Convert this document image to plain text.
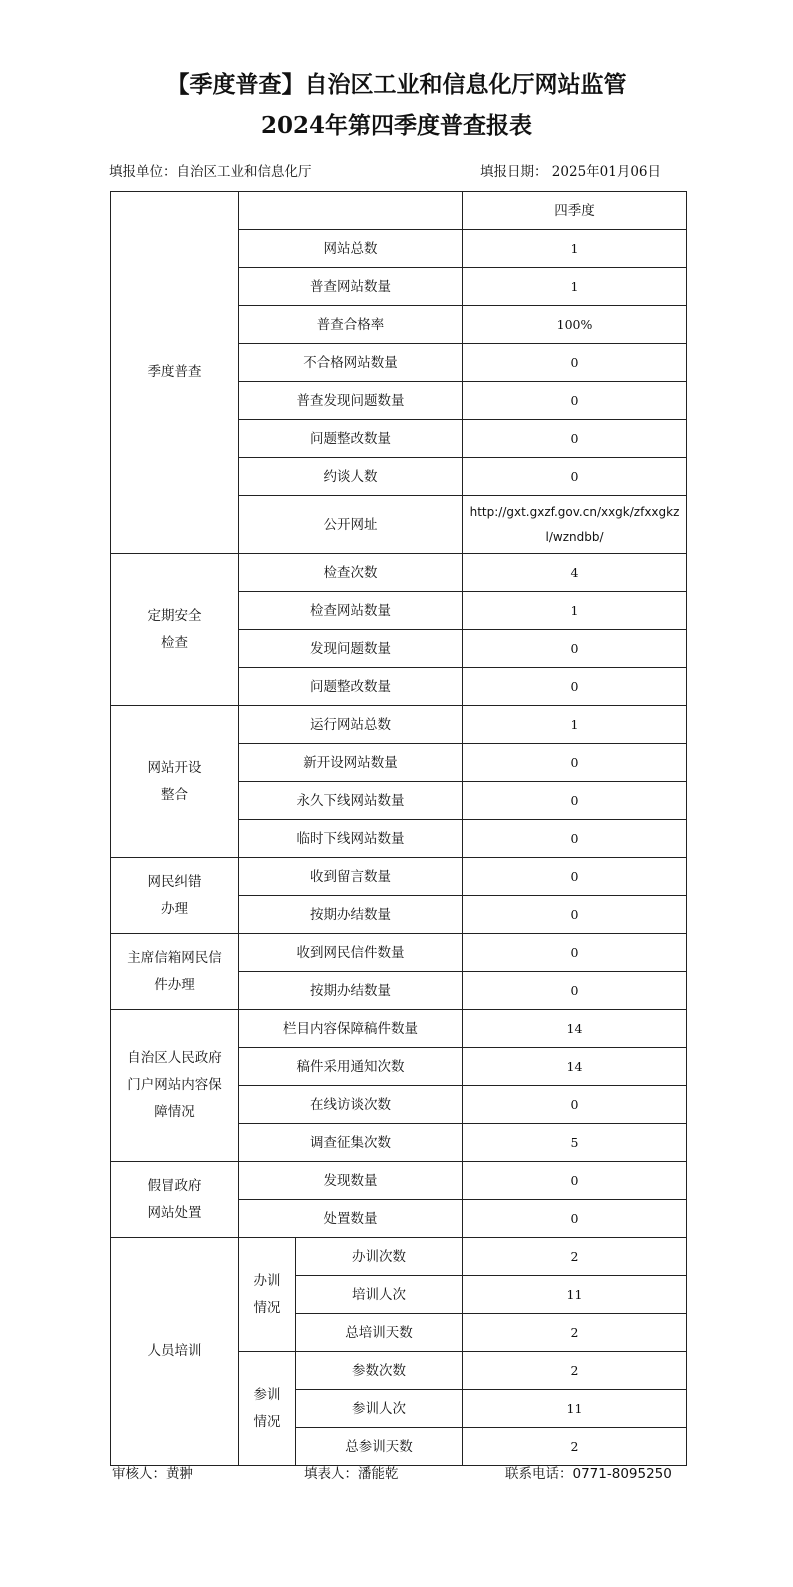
【季度普查】自治区工业和信息化厅网站监管
2024年第四季度普查报表
填报单位：自治区工业和信息化厅	填报日期： 2025年01月06日
季度普查			四季度
	网站总数		1
	普查网站数量		1
	普查合格率		100%
	不合格网站数量		0
	普查发现问题数量		0
	问题整改数量		0
	约谈人数		0
	公开网址		http://gxt.gxzf.gov.cn/xxgk/zfxxgkzl/wzndbb/

定期安全
检查	检查次数		4
	检查网站数量		1
	发现问题数量		0
	问题整改数量		0

网站开设
整合	运行网站总数		1
	新开设网站数量		0
	永久下线网站数量		0
	临时下线网站数量		0

网民纠错
办理	收到留言数量		0
	按期办结数量		0

主席信箱网民信
件办理	收到网民信件数量		0
	按期办结数量		0

自治区人民政府
门户网站内容保
障情况	栏目内容保障稿件数量		14
	稿件采用通知次数		14
	在线访谈次数		0
	调查征集次数		5

假冒政府
网站处置	发现数量		0
	处置数量		0
人员培训	办训
情况	办训次数	2
		培训人次	11
		总培训天数	2

	参训
情况	参数次数	2
		参训人次	11
		总参训天数	2
审核人：黄翀	填表人：潘能乾	联系电话：0771-8095250
